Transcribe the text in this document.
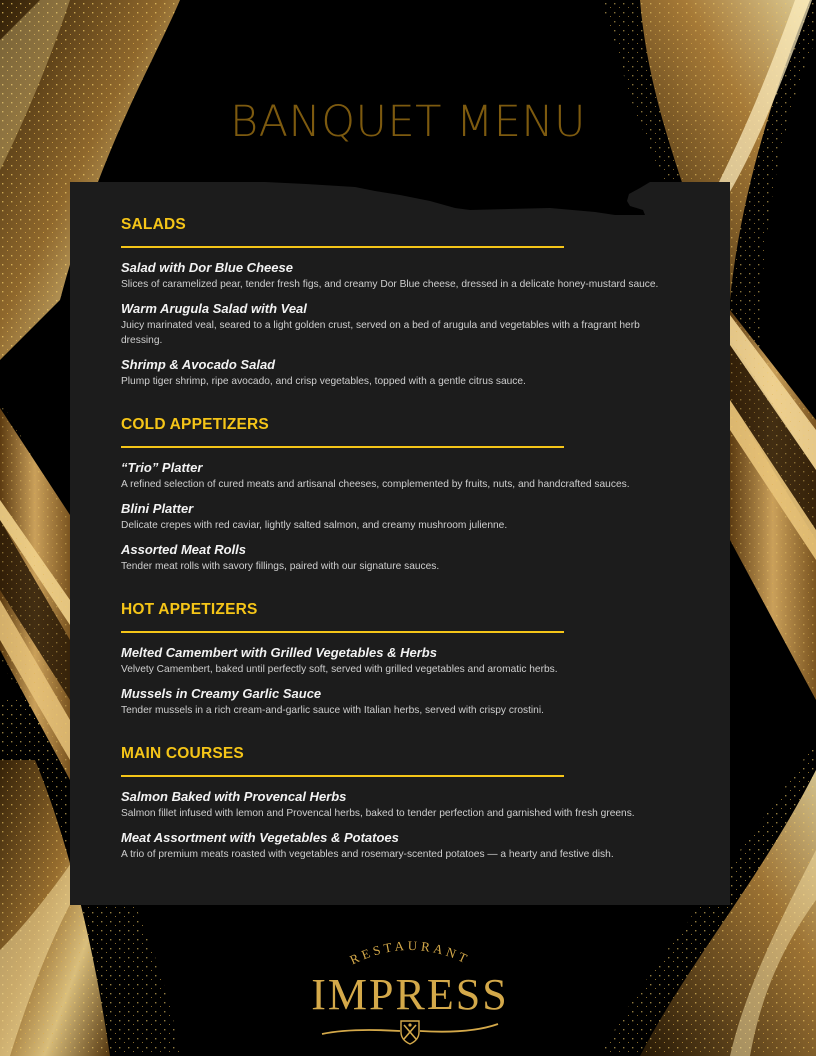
BANQUET MENU
SALADS
Salad with Dor Blue Cheese
Slices of caramelized pear, tender fresh figs, and creamy Dor Blue cheese, dressed in a delicate honey-mustard sauce.
Warm Arugula Salad with Veal
Juicy marinated veal, seared to a light golden crust, served on a bed of arugula and vegetables with a fragrant herb dressing.
Shrimp & Avocado Salad
Plump tiger shrimp, ripe avocado, and crisp vegetables, topped with a gentle citrus sauce.
COLD APPETIZERS
“Trio” Platter
A refined selection of cured meats and artisanal cheeses, complemented by fruits, nuts, and handcrafted sauces.
Blini Platter
Delicate crepes with red caviar, lightly salted salmon, and creamy mushroom julienne.
Assorted Meat Rolls
Tender meat rolls with savory fillings, paired with our signature sauces.
HOT APPETIZERS
Melted Camembert with Grilled Vegetables & Herbs
Velvety Camembert, baked until perfectly soft, served with grilled vegetables and aromatic herbs.
Mussels in Creamy Garlic Sauce
Tender mussels in a rich cream-and-garlic sauce with Italian herbs, served with crispy crostini.
MAIN COURSES
Salmon Baked with Provencal Herbs
Salmon fillet infused with lemon and Provencal herbs, baked to tender perfection and garnished with fresh greens.
Meat Assortment with Vegetables & Potatoes
A trio of premium meats roasted with vegetables and rosemary-scented potatoes — a hearty and festive dish.
RESTAURANT
IMPRESS
